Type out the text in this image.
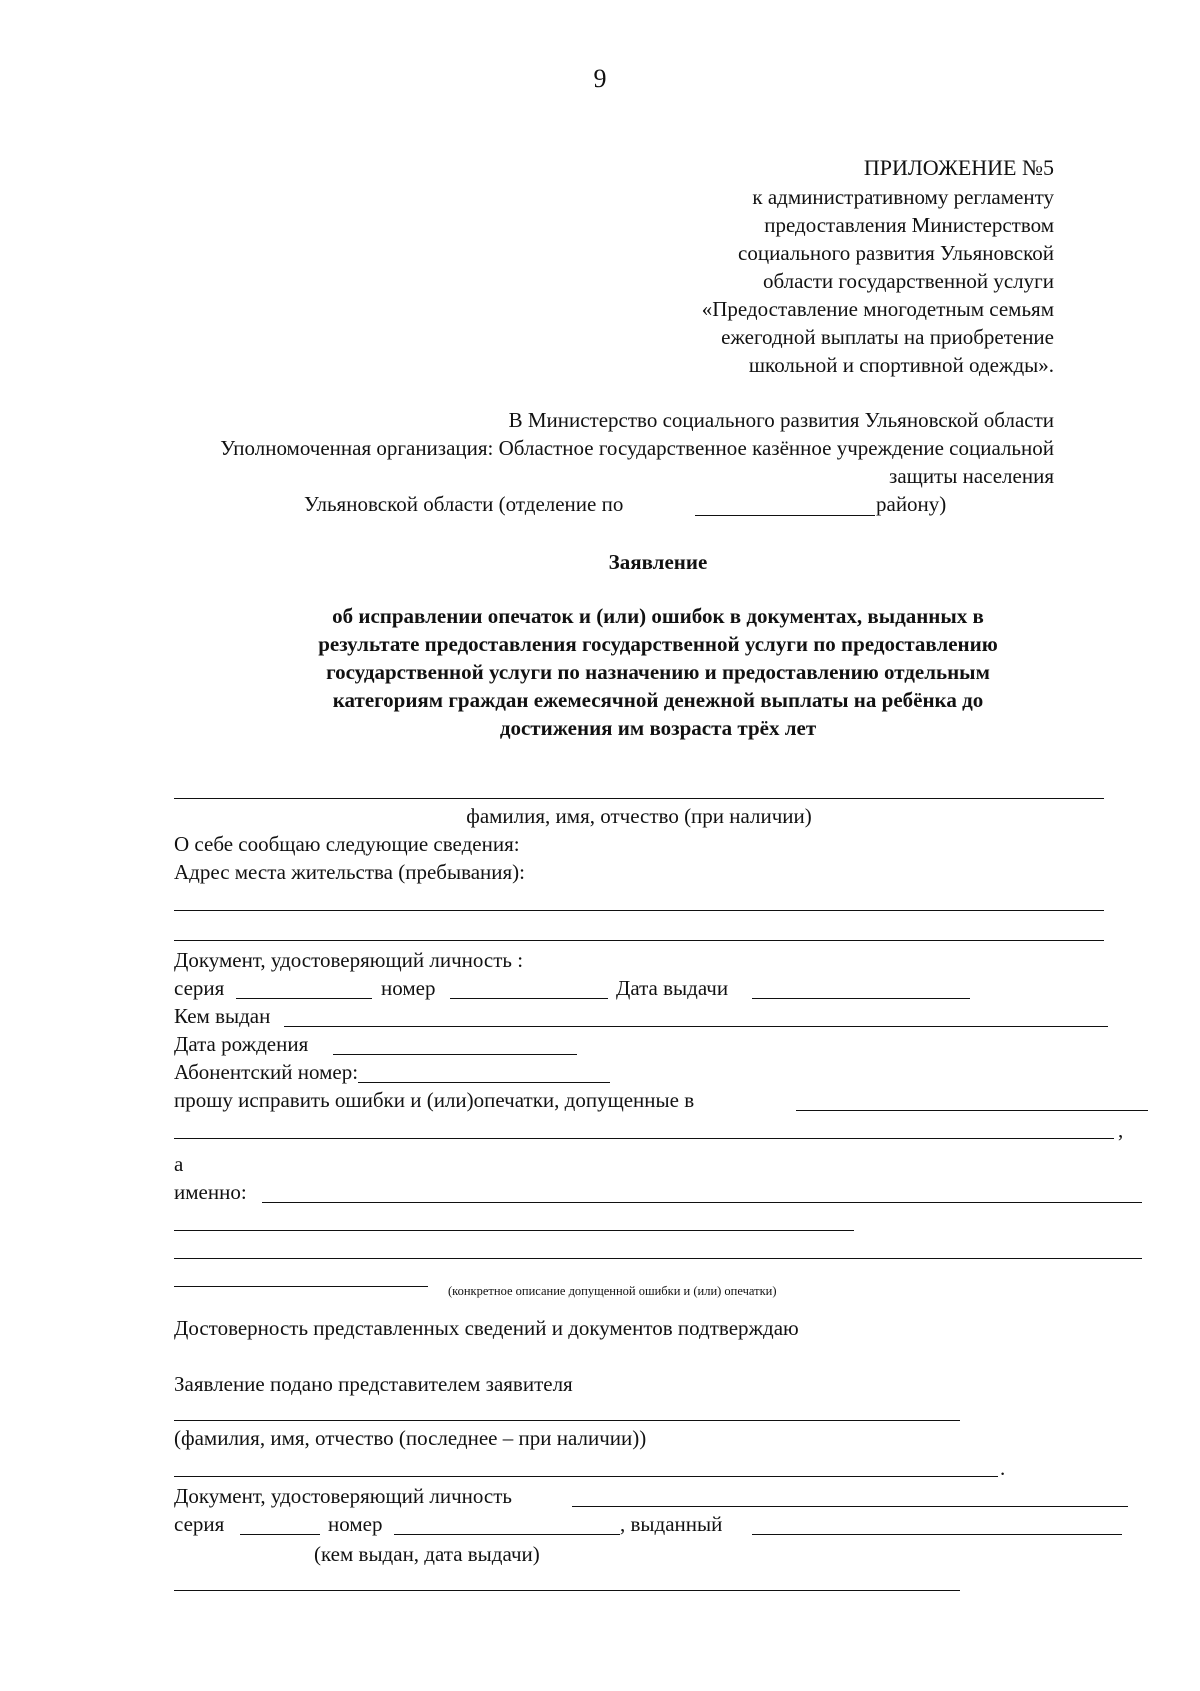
9
ПРИЛОЖЕНИЕ №5
к административному регламенту
предоставления Министерством
социального развития Ульяновской
области государственной услуги
«Предоставление многодетным семьям
ежегодной выплаты на приобретение
школьной и спортивной одежды».
В Министерство социального развития Ульяновской области
Уполномоченная организация: Областное государственное казённое учреждение социальной
защиты населения
Ульяновской области (отделение по	району)
Заявление
об исправлении опечаток и (или) ошибок в документах, выданных в
результате предоставления государственной услуги по предоставлению
государственной услуги по назначению и предоставлению отдельным
категориям граждан ежемесячной денежной выплаты на ребёнка до
достижения им возраста трёх лет
фамилия, имя, отчество (при наличии)
О себе сообщаю следующие сведения:
Адрес места жительства (пребывания):
Документ, удостоверяющий личность :
серия	номер	Дата выдачи
Кем выдан
Дата рождения
Абонентский номер:
прошу исправить ошибки и (или)опечатки, допущенные в
,
а
именно:
(конкретное описание допущенной ошибки и (или) опечатки)
Достоверность представленных сведений и документов подтверждаю
Заявление подано представителем заявителя
(фамилия, имя, отчество (последнее – при наличии))
.
Документ, удостоверяющий личность
серия	номер	, выданный
(кем выдан, дата выдачи)
